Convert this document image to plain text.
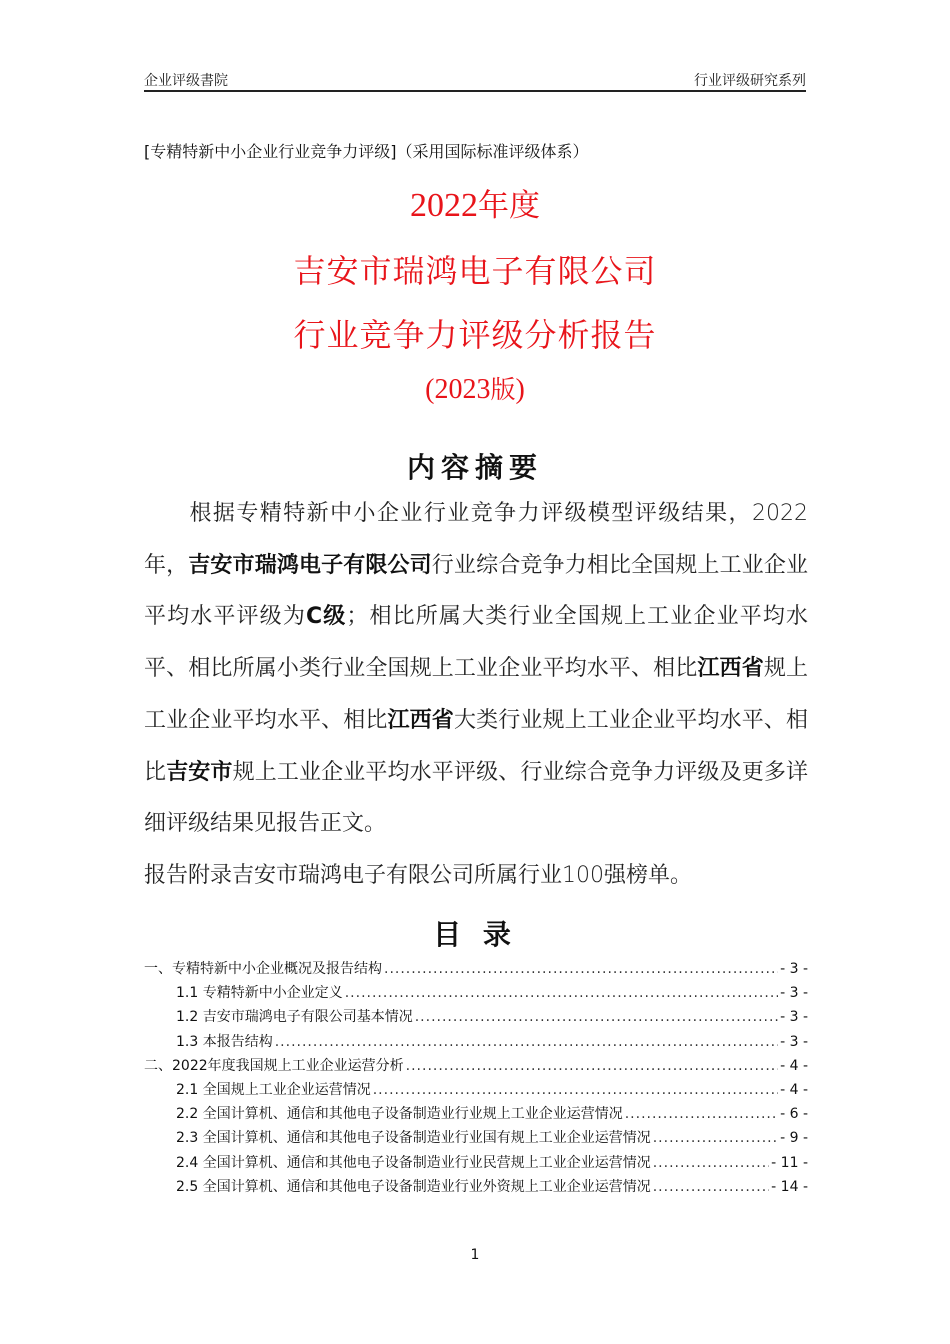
企业评级書院	行业评级研究系列
[专精特新中小企业行业竞争力评级]（采用国际标准评级体系）
2022年度
吉安市瑞鸿电子有限公司
行业竞争力评级分析报告
(2023版)
内容摘要

根据专精特新中小企业行业竞争力评级模型评级结果，2022年，吉安市瑞鸿电子有限公司行业综合竞争力相比全国规上工业企业平均水平评级为C级；相比所属大类行业全国规上工业企业平均水平、相比所属小类行业全国规上工业企业平均水平、相比江西省规上工业企业平均水平、相比江西省大类行业规上工业企业平均水平、相比吉安市规上工业企业平均水平评级、行业综合竞争力评级及更多详细评级结果见报告正文。

报告附录吉安市瑞鸿电子有限公司所属行业100强榜单。

目 录
一、专精特新中小企业概况及报告结构 .....	- 3 -
1.1 专精特新中小企业定义 .....	- 3 -
1.2 吉安市瑞鸿电子有限公司基本情况 .....	- 3 -
1.3 本报告结构 .....	- 3 -
二、2022年度我国规上工业企业运营分析 .....	- 4 -
2.1 全国规上工业企业运营情况 .....	- 4 -
2.2 全国计算机、通信和其他电子设备制造业行业规上工业企业运营情况 .....	- 6 -
2.3 全国计算机、通信和其他电子设备制造业行业国有规上工业企业运营情况 .....	- 9 -
2.4 全国计算机、通信和其他电子设备制造业行业民营规上工业企业运营情况 .....	- 11 -
2.5 全国计算机、通信和其他电子设备制造业行业外资规上工业企业运营情况 .....	- 14 -
1
